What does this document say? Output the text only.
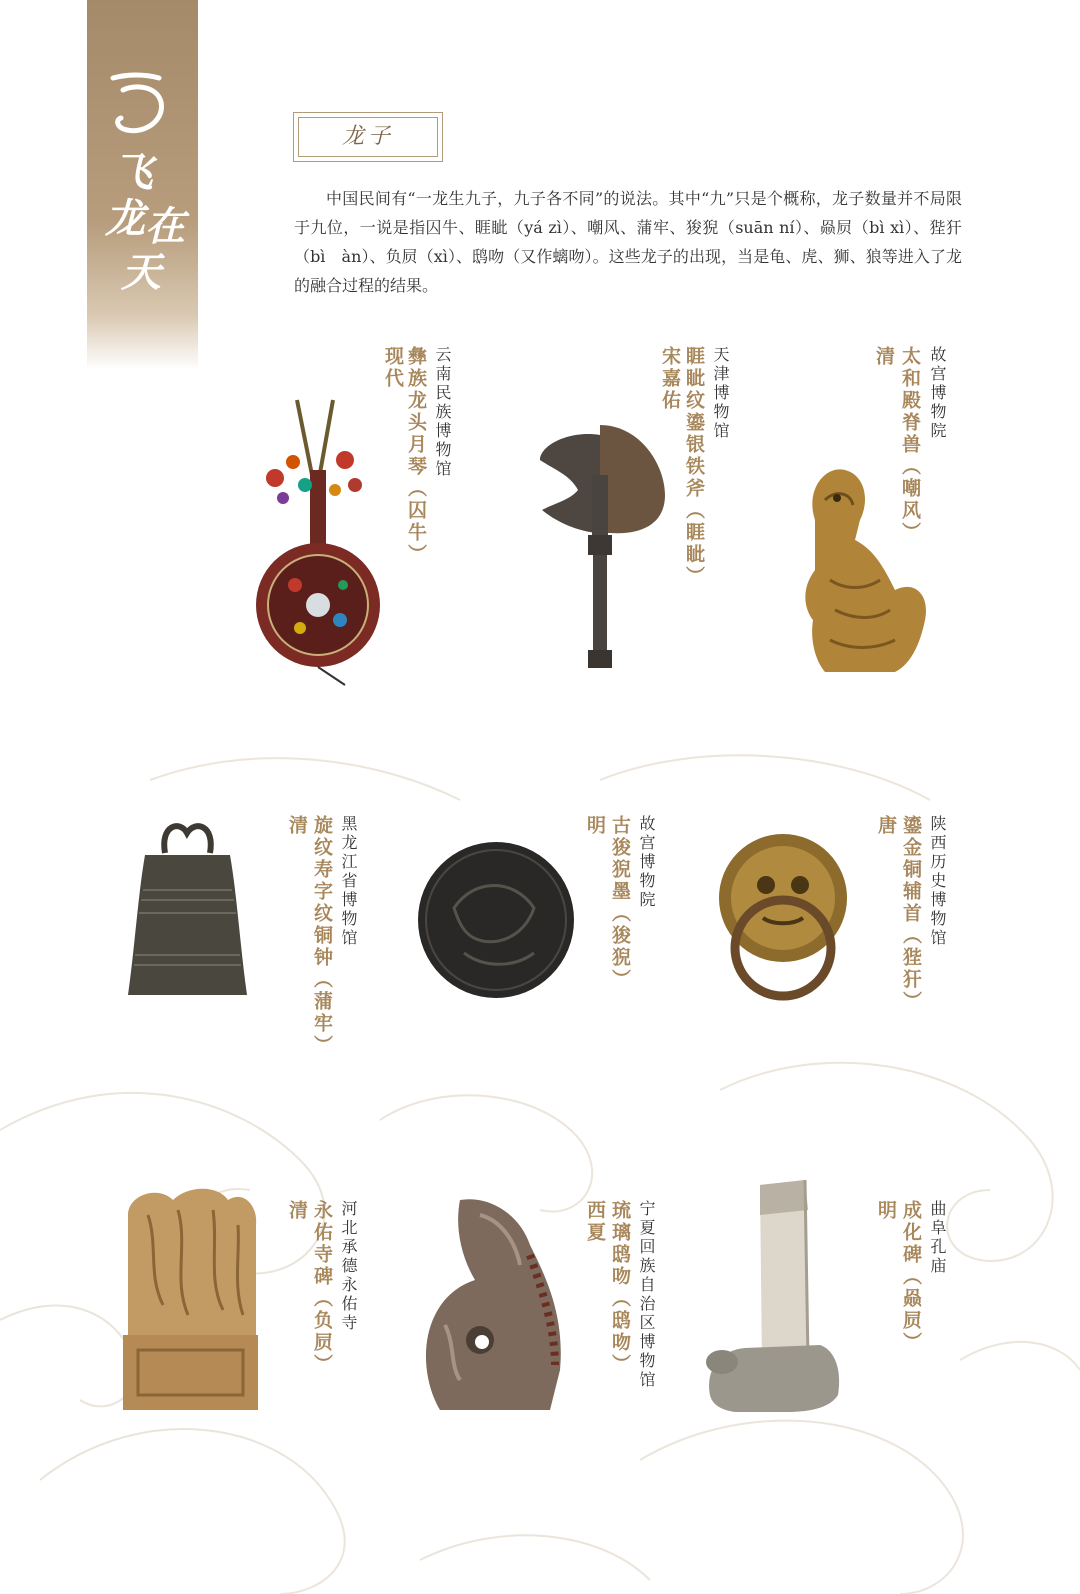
飞
龙 在
天
龙子

中国民间有“一龙生九子，九子各不同”的说法。其中“九”只是个概称，龙子数量并不局限于九位，一说是指囚牛、睚眦（yá zì）、嘲风、蒲牢、狻猊（suān ní）、赑屃（bì xì）、狴犴（bì　àn）、负屃（xì）、鸱吻（又作螭吻）。这些龙子的出现，当是龟、虎、狮、狼等进入了龙的融合过程的结果。

现代 彝族龙头月琴（囚牛） 云南民族博物馆	宋嘉佑 睚眦纹鎏银铁斧（睚眦） 天津博物馆	清 太和殿脊兽（嘲风） 故宫博物院
清 旋纹寿字纹铜钟（蒲牢） 黑龙江省博物馆	明 古狻猊墨（狻猊） 故宫博物院	唐 鎏金铜辅首（狴犴） 陕西历史博物馆
清 永佑寺碑（负屃） 河北承德永佑寺	西夏 琉璃鸱吻（鸱吻） 宁夏回族自治区博物馆	明 成化碑（赑屃） 曲阜孔庙
